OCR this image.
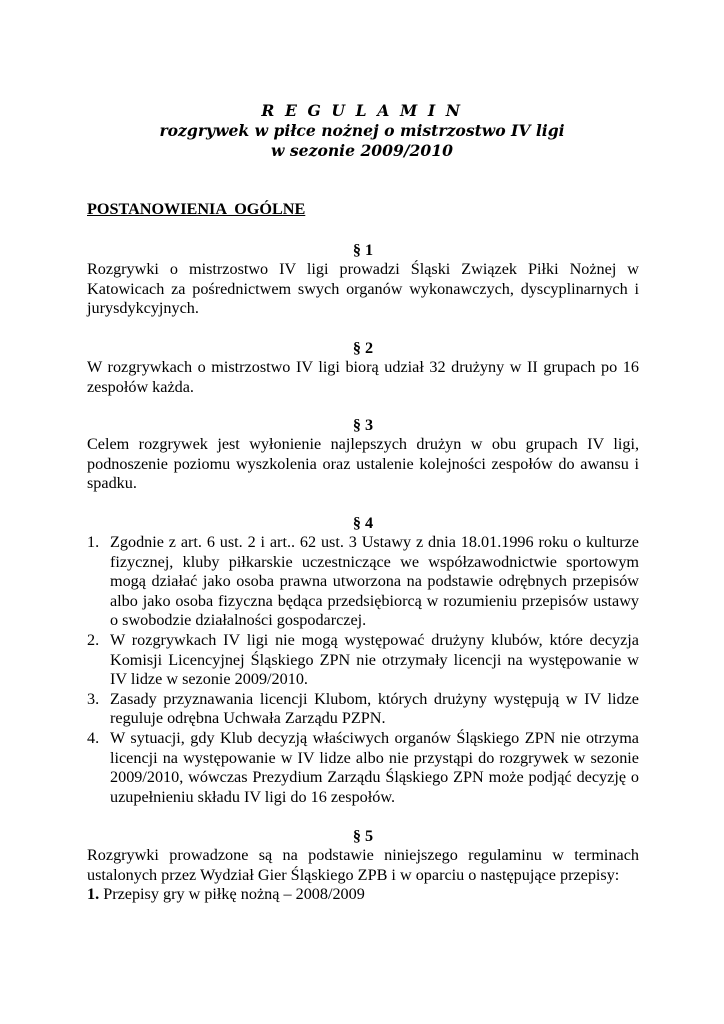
R E G U L A M I N
rozgrywek w piłce nożnej o mistrzostwo IV ligi
w sezonie 2009/2010
POSTANOWIENIA  OGÓLNE
§ 1

Rozgrywki o mistrzostwo IV ligi prowadzi Śląski Związek Piłki Nożnej w Katowicach za pośrednictwem swych organów wykonawczych, dyscyplinarnych i jurysdykcyjnych.

§ 2

W rozgrywkach o mistrzostwo IV ligi biorą udział 32 drużyny w II grupach po 16 zespołów każda.

§ 3

Celem rozgrywek jest wyłonienie najlepszych drużyn w obu grupach IV ligi, podnoszenie poziomu wyszkolenia oraz ustalenie kolejności zespołów do awansu i spadku.

§ 4
1. Zgodnie z art. 6 ust. 2 i art.. 62 ust. 3 Ustawy z dnia 18.01.1996 roku o kulturze fizycznej, kluby piłkarskie uczestniczące we współzawodnictwie sportowym mogą działać jako osoba prawna utworzona na podstawie odrębnych przepisów albo jako osoba fizyczna będąca przedsiębiorcą w rozumieniu przepisów ustawy o swobodzie działalności gospodarczej.
2. W rozgrywkach IV ligi nie mogą występować drużyny klubów, które decyzja Komisji Licencyjnej Śląskiego ZPN nie otrzymały licencji na występowanie w IV lidze w sezonie 2009/2010.
3. Zasady przyznawania licencji Klubom, których drużyny występują w IV lidze reguluje odrębna Uchwała Zarządu PZPN.
4. W sytuacji, gdy Klub decyzją właściwych organów Śląskiego ZPN nie otrzyma licencji na występowanie w IV lidze albo nie przystąpi do rozgrywek w sezonie 2009/2010, wówczas Prezydium Zarządu Śląskiego ZPN może podjąć decyzję o uzupełnieniu składu IV ligi do 16 zespołów.
§ 5

Rozgrywki prowadzone są na podstawie niniejszego regulaminu w terminach ustalonych przez Wydział Gier Śląskiego ZPB i w oparciu o następujące przepisy:

1. Przepisy gry w piłkę nożną – 2008/2009
